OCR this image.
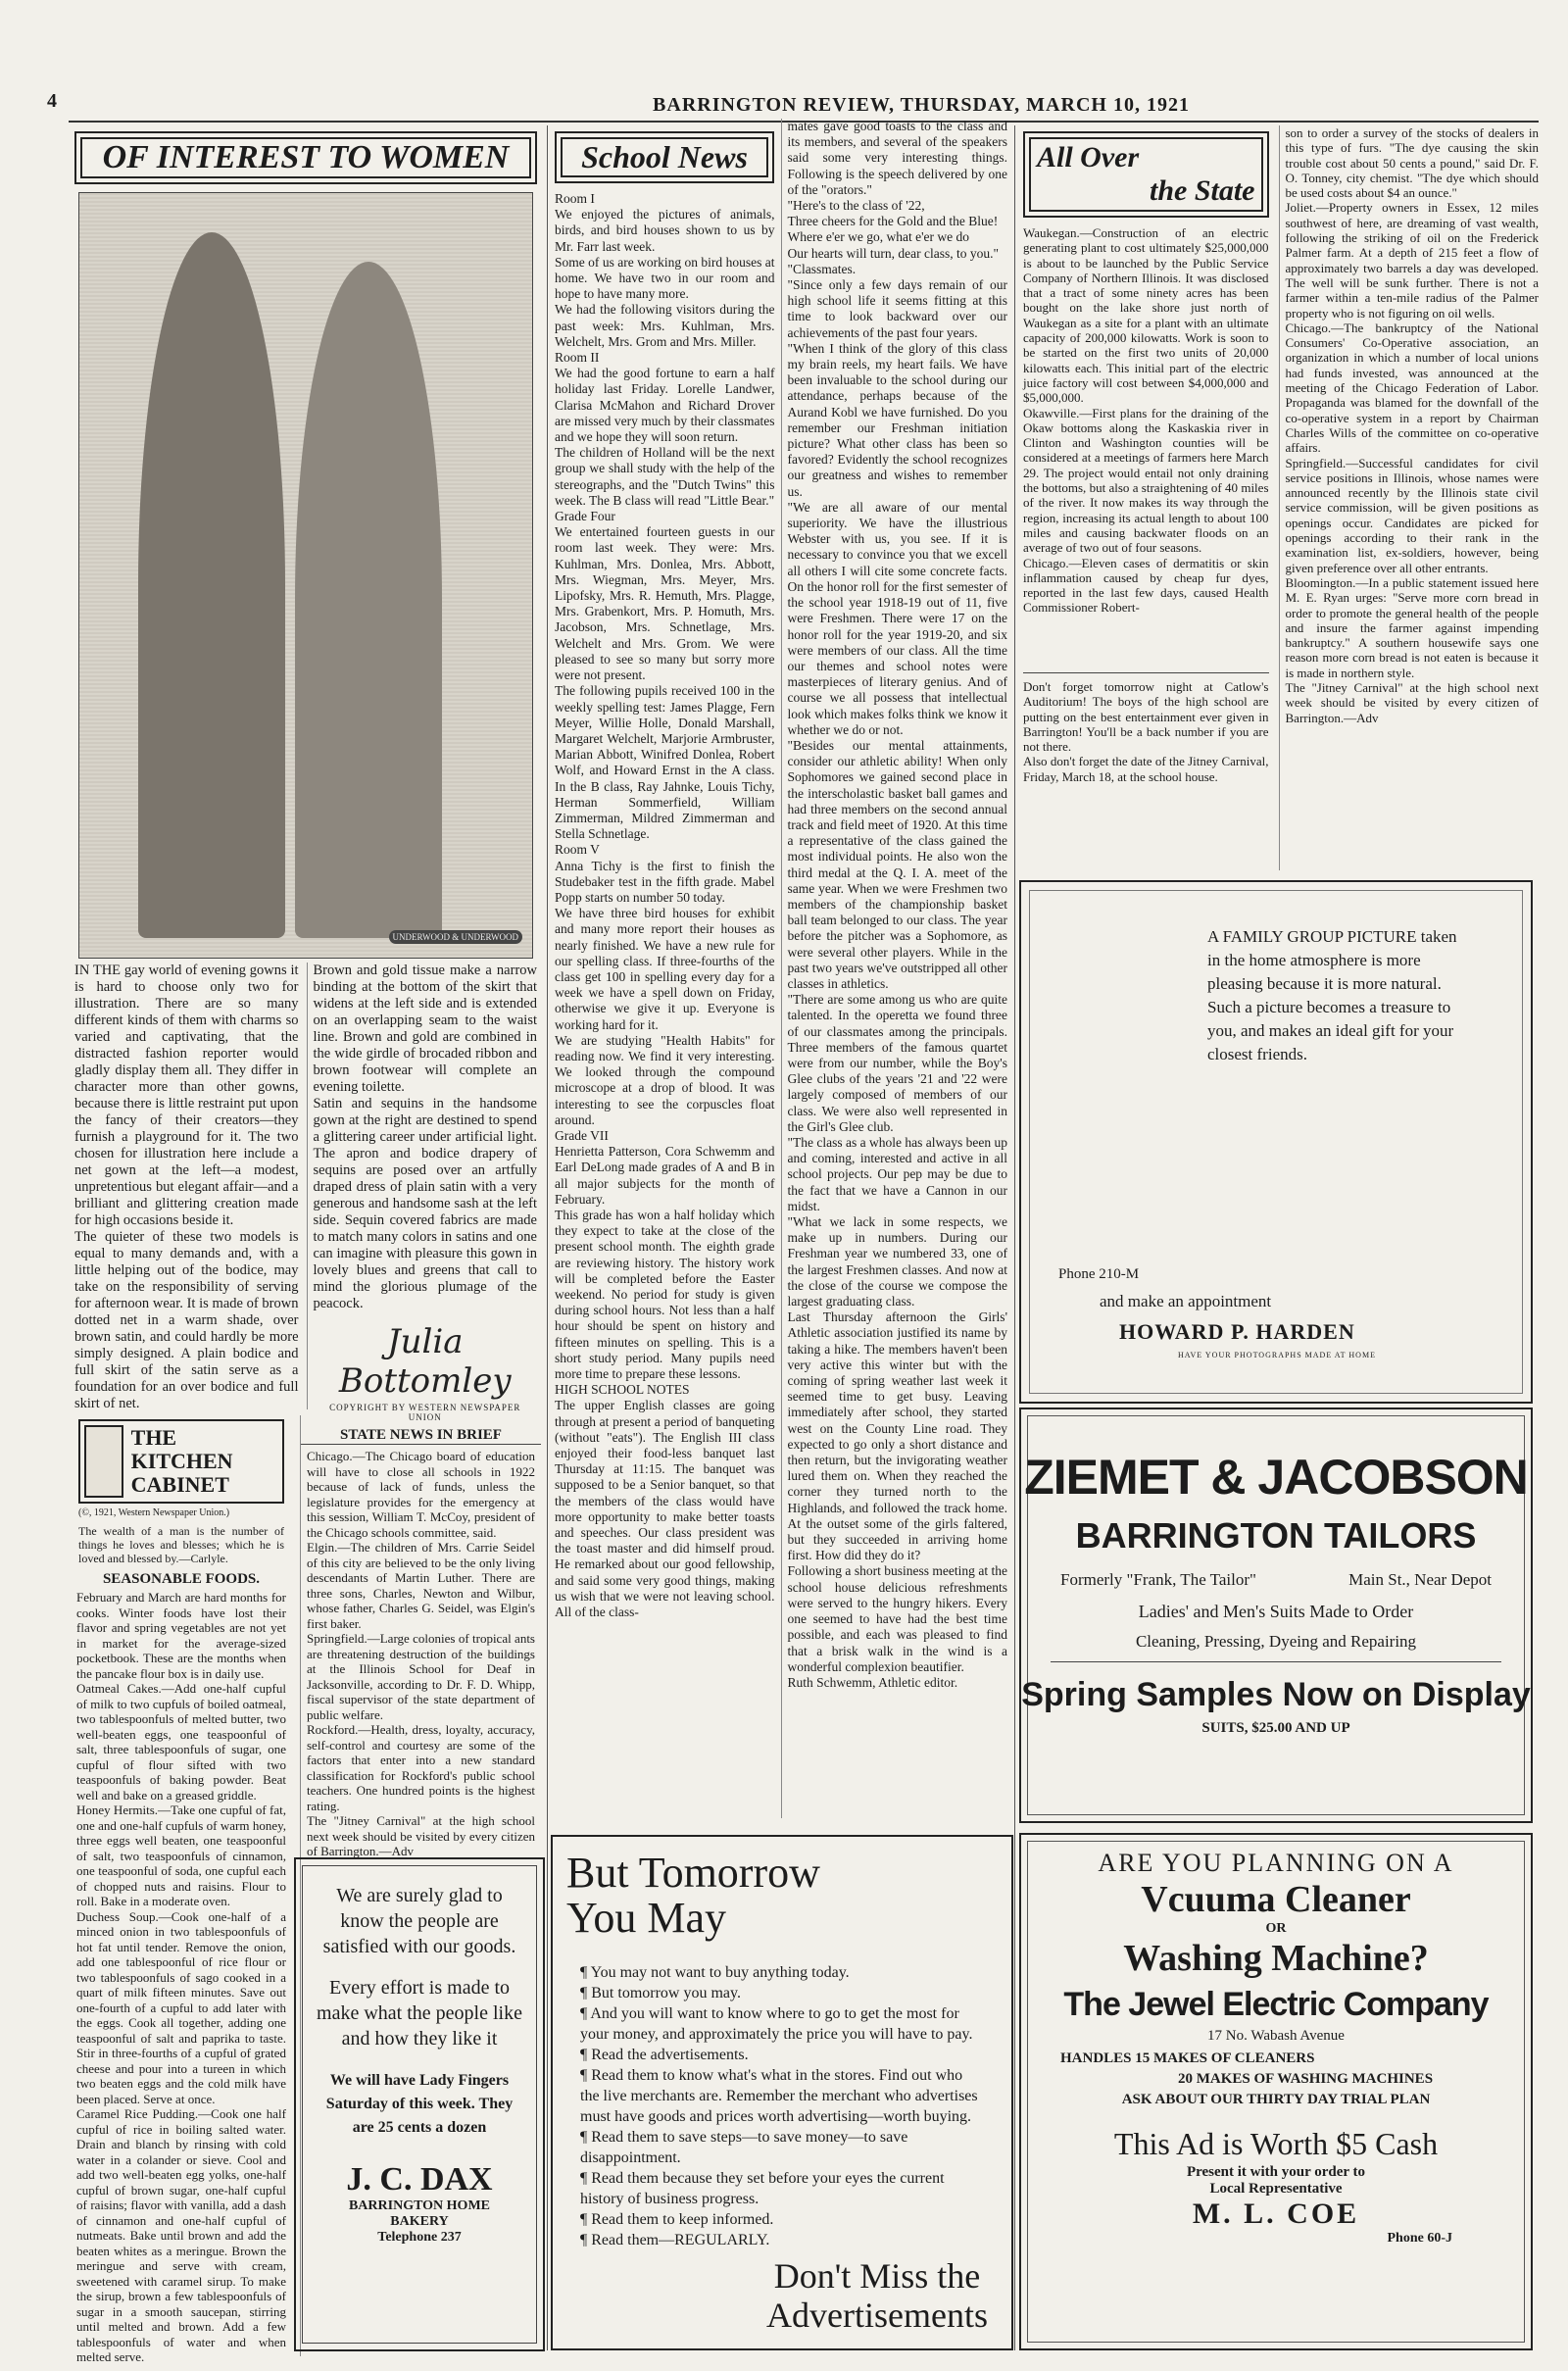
4	BARRINGTON REVIEW, THURSDAY, MARCH 10, 1921
OF INTEREST TO WOMEN
UNDERWOOD & UNDERWOOD
IN THE gay world of evening gowns it is hard to choose only two for illustration. There are so many different kinds of them with charms so varied and captivating, that the distracted fashion reporter would gladly display them all. They differ in character more than other gowns, because there is little restraint put upon the fancy of their creators—they furnish a playground for it. The two chosen for illustration here include a net gown at the left—a modest, unpretentious but elegant affair—and a brilliant and glittering creation made for high occasions beside it.
The quieter of these two models is equal to many demands and, with a little helping out of the bodice, may take on the responsibility of serving for afternoon wear. It is made of brown dotted net in a warm shade, over brown satin, and could hardly be more simply designed. A plain bodice and full skirt of the satin serve as a foundation for an over bodice and full skirt of net.
Brown and gold tissue make a narrow binding at the bottom of the skirt that widens at the left side and is extended on an overlapping seam to the waist line. Brown and gold are combined in the wide girdle of brocaded ribbon and brown footwear will complete an evening toilette.
Satin and sequins in the handsome gown at the right are destined to spend a glittering career under artificial light. The apron and bodice drapery of sequins are posed over an artfully draped dress of plain satin with a very generous and handsome sash at the left side. Sequin covered fabrics are made to match many colors in satins and one can imagine with pleasure this gown in lovely blues and greens that call to mind the glorious plumage of the peacock.
Julia Bottomley
COPYRIGHT BY WESTERN NEWSPAPER UNION
THE KITCHEN CABINET
(©, 1921, Western Newspaper Union.)
The wealth of a man is the number of things he loves and blesses; which he is loved and blessed by.—Carlyle.
SEASONABLE FOODS.
February and March are hard months for cooks. Winter foods have lost their flavor and spring vegetables are not yet in market for the average-sized pocketbook. These are the months when the pancake flour box is in daily use.
Oatmeal Cakes.—Add one-half cupful of milk to two cupfuls of boiled oatmeal, two tablespoonfuls of melted butter, two well-beaten eggs, one teaspoonful of salt, three tablespoonfuls of sugar, one cupful of flour sifted with two teaspoonfuls of baking powder. Beat well and bake on a greased griddle.
Honey Hermits.—Take one cupful of fat, one and one-half cupfuls of warm honey, three eggs well beaten, one teaspoonful of salt, two teaspoonfuls of cinnamon, one teaspoonful of soda, one cupful each of chopped nuts and raisins. Flour to roll. Bake in a moderate oven.
Duchess Soup.—Cook one-half of a minced onion in two tablespoonfuls of hot fat until tender. Remove the onion, add one tablespoonful of rice flour or two tablespoonfuls of sago cooked in a quart of milk fifteen minutes. Save out one-fourth of a cupful to add later with the eggs. Cook all together, adding one teaspoonful of salt and paprika to taste. Stir in three-fourths of a cupful of grated cheese and pour into a tureen in which two beaten eggs and the cold milk have been placed. Serve at once.
Caramel Rice Pudding.—Cook one half cupful of rice in boiling salted water. Drain and blanch by rinsing with cold water in a colander or sieve. Cool and add two well-beaten egg yolks, one-half cupful of brown sugar, one-half cupful of raisins; flavor with vanilla, add a dash of cinnamon and one-half cupful of nutmeats. Bake until brown and add the beaten whites as a meringue. Brown the meringue and serve with cream, sweetened with caramel sirup. To make the sirup, brown a few tablespoonfuls of sugar in a smooth saucepan, stirring until melted and brown. Add a few tablespoonfuls of water and when melted serve.
STATE NEWS IN BRIEF
Chicago.—The Chicago board of education will have to close all schools in 1922 because of lack of funds, unless the legislature provides for the emergency at this session, William T. McCoy, president of the Chicago schools committee, said.
Elgin.—The children of Mrs. Carrie Seidel of this city are believed to be the only living descendants of Martin Luther. There are three sons, Charles, Newton and Wilbur, whose father, Charles G. Seidel, was Elgin's first baker.
Springfield.—Large colonies of tropical ants are threatening destruction of the buildings at the Illinois School for Deaf in Jacksonville, according to Dr. F. D. Whipp, fiscal supervisor of the state department of public welfare.
Rockford.—Health, dress, loyalty, accuracy, self-control and courtesy are some of the factors that enter into a new standard classification for Rockford's public school teachers. One hundred points is the highest rating.
The "Jitney Carnival" at the high school next week should be visited by every citizen of Barrington.—Adv
We are surely glad to know the people are satisfied with our goods.
Every effort is made to make what the people like and how they like it
We will have Lady Fingers Saturday of this week. They are 25 cents a dozen
J. C. DAX
BARRINGTON HOME
BAKERY
Telephone 237
School News
Room I
We enjoyed the pictures of animals, birds, and bird houses shown to us by Mr. Farr last week.
Some of us are working on bird houses at home. We have two in our room and hope to have many more.
We had the following visitors during the past week: Mrs. Kuhlman, Mrs. Welchelt, Mrs. Grom and Mrs. Miller.
Room II
We had the good fortune to earn a half holiday last Friday. Lorelle Landwer, Clarisa McMahon and Richard Drover are missed very much by their classmates and we hope they will soon return.
The children of Holland will be the next group we shall study with the help of the stereographs, and the "Dutch Twins" this week. The B class will read "Little Bear."
Grade Four
We entertained fourteen guests in our room last week. They were: Mrs. Kuhlman, Mrs. Donlea, Mrs. Abbott, Mrs. Wiegman, Mrs. Meyer, Mrs. Lipofsky, Mrs. R. Hemuth, Mrs. Plagge, Mrs. Grabenkort, Mrs. P. Homuth, Mrs. Jacobson, Mrs. Schnetlage, Mrs. Welchelt and Mrs. Grom. We were pleased to see so many but sorry more were not present.
The following pupils received 100 in the weekly spelling test: James Plagge, Fern Meyer, Willie Holle, Donald Marshall, Margaret Welchelt, Marjorie Armbruster, Marian Abbott, Winifred Donlea, Robert Wolf, and Howard Ernst in the A class. In the B class, Ray Jahnke, Louis Tichy, Herman Sommerfield, William Zimmerman, Mildred Zimmerman and Stella Schnetlage.
Room V
Anna Tichy is the first to finish the Studebaker test in the fifth grade. Mabel Popp starts on number 50 today.
We have three bird houses for exhibit and many more report their houses as nearly finished. We have a new rule for our spelling class. If three-fourths of the class get 100 in spelling every day for a week we have a spell down on Friday, otherwise we give it up. Everyone is working hard for it.
We are studying "Health Habits" for reading now. We find it very interesting. We looked through the compound microscope at a drop of blood. It was interesting to see the corpuscles float around.
Grade VII
Henrietta Patterson, Cora Schwemm and Earl DeLong made grades of A and B in all major subjects for the month of February.
This grade has won a half holiday which they expect to take at the close of the present school month. The eighth grade are reviewing history. The history work will be completed before the Easter weekend. No period for study is given during school hours. Not less than a half hour should be spent on history and fifteen minutes on spelling. This is a short study period. Many pupils need more time to prepare these lessons.
HIGH SCHOOL NOTES
The upper English classes are going through at present a period of banqueting (without "eats"). The English III class enjoyed their food-less banquet last Thursday at 11:15. The banquet was supposed to be a Senior banquet, so that the members of the class would have more opportunity to make better toasts and speeches. Our class president was the toast master and did himself proud. He remarked about our good fellowship, and said some very good things, making us wish that we were not leaving school. All of the class-
mates gave good toasts to the class and its members, and several of the speakers said some very interesting things. Following is the speech delivered by one of the "orators."
"Here's to the class of '22,
Three cheers for the Gold and the Blue!
Where e'er we go, what e'er we do
Our hearts will turn, dear class, to you."
"Classmates.
"Since only a few days remain of our high school life it seems fitting at this time to look backward over our achievements of the past four years.
"When I think of the glory of this class my brain reels, my heart fails. We have been invaluable to the school during our attendance, perhaps because of the Aurand Kobl we have furnished. Do you remember our Freshman initiation picture? What other class has been so favored? Evidently the school recognizes our greatness and wishes to remember us.
"We are all aware of our mental superiority. We have the illustrious Webster with us, you see. If it is necessary to convince you that we excell all others I will cite some concrete facts. On the honor roll for the first semester of the school year 1918-19 out of 11, five were Freshmen. There were 17 on the honor roll for the year 1919-20, and six were members of our class. All the time our themes and school notes were masterpieces of literary genius. And of course we all possess that intellectual look which makes folks think we know it whether we do or not.
"Besides our mental attainments, consider our athletic ability! When only Sophomores we gained second place in the interscholastic basket ball games and had three members on the second annual track and field meet of 1920. At this time a representative of the class gained the most individual points. He also won the third medal at the Q. I. A. meet of the same year. When we were Freshmen two members of the championship basket ball team belonged to our class. The year before the pitcher was a Sophomore, as were several other players. While in the past two years we've outstripped all other classes in athletics.
"There are some among us who are quite talented. In the operetta we found three of our classmates among the principals. Three members of the famous quartet were from our number, while the Boy's Glee clubs of the years '21 and '22 were largely composed of members of our class. We were also well represented in the Girl's Glee club.
"The class as a whole has always been up and coming, interested and active in all school projects. Our pep may be due to the fact that we have a Cannon in our midst.
"What we lack in some respects, we make up in numbers. During our Freshman year we numbered 33, one of the largest Freshmen classes. And now at the close of the course we compose the largest graduating class.
Last Thursday afternoon the Girls' Athletic association justified its name by taking a hike. The members haven't been very active this winter but with the coming of spring weather last week it seemed time to get busy. Leaving immediately after school, they started west on the County Line road. They expected to go only a short distance and then return, but the invigorating weather lured them on. When they reached the corner they turned north to the Highlands, and followed the track home. At the outset some of the girls faltered, but they succeeded in arriving home first. How did they do it?
Following a short business meeting at the school house delicious refreshments were served to the hungry hikers. Every one seemed to have had the best time possible, and each was pleased to find that a brisk walk in the wind is a wonderful complexion beautifier.
Ruth Schwemm, Athletic editor.
But Tomorrow
You May
¶ You may not want to buy anything today.
¶ But tomorrow you may.
¶ And you will want to know where to go to get the most for your money, and approximately the price you will have to pay.
¶ Read the advertisements.
¶ Read them to know what's what in the stores. Find out who the live merchants are. Remember the merchant who advertises must have goods and prices worth advertising—worth buying.
¶ Read them to save steps—to save money—to save disappointment.
¶ Read them because they set before your eyes the current history of business progress.
¶ Read them to keep informed.
¶ Read them—REGULARLY.
Don't Miss the
Advertisements
All Over
the State
Waukegan.—Construction of an electric generating plant to cost ultimately $25,000,000 is about to be launched by the Public Service Company of Northern Illinois. It was disclosed that a tract of some ninety acres has been bought on the lake shore just north of Waukegan as a site for a plant with an ultimate capacity of 200,000 kilowatts. Work is soon to be started on the first two units of 20,000 kilowatts each. This initial part of the electric juice factory will cost between $4,000,000 and $5,000,000.
Okawville.—First plans for the draining of the Okaw bottoms along the Kaskaskia river in Clinton and Washington counties will be considered at a meetings of farmers here March 29. The project would entail not only draining the bottoms, but also a straightening of 40 miles of the river. It now makes its way through the region, increasing its actual length to about 100 miles and causing backwater floods on an average of two out of four seasons.
Chicago.—Eleven cases of dermatitis or skin inflammation caused by cheap fur dyes, reported in the last few days, caused Health Commissioner Robert-
Don't forget tomorrow night at Catlow's Auditorium! The boys of the high school are putting on the best entertainment ever given in Barrington! You'll be a back number if you are not there.
Also don't forget the date of the Jitney Carnival, Friday, March 18, at the school house.
son to order a survey of the stocks of dealers in this type of furs. "The dye causing the skin trouble cost about 50 cents a pound," said Dr. F. O. Tonney, city chemist. "The dye which should be used costs about $4 an ounce."
Joliet.—Property owners in Essex, 12 miles southwest of here, are dreaming of vast wealth, following the striking of oil on the Frederick Palmer farm. At a depth of 215 feet a flow of approximately two barrels a day was developed. The well will be sunk further. There is not a farmer within a ten-mile radius of the Palmer property who is not figuring on oil wells.
Chicago.—The bankruptcy of the National Consumers' Co-Operative association, an organization in which a number of local unions had funds invested, was announced at the meeting of the Chicago Federation of Labor. Propaganda was blamed for the downfall of the co-operative system in a report by Chairman Charles Wills of the committee on co-operative affairs.
Springfield.—Successful candidates for civil service positions in Illinois, whose names were announced recently by the Illinois state civil service commission, will be given positions as openings occur. Candidates are picked for openings according to their rank in the examination list, ex-soldiers, however, being given preference over all other entrants.
Bloomington.—In a public statement issued here M. E. Ryan urges: "Serve more corn bread in order to promote the general health of the people and insure the farmer against impending bankruptcy." A southern housewife says one reason more corn bread is not eaten is because it is made in northern style.
The "Jitney Carnival" at the high school next week should be visited by every citizen of Barrington.—Adv
A FAMILY GROUP PICTURE taken in the home atmosphere is more pleasing because it is more natural. Such a picture becomes a treasure to you, and makes an ideal gift for your closest friends.
Phone 210-M
and make an appointment
HOWARD P. HARDEN
HAVE YOUR PHOTOGRAPHS MADE AT HOME
ZIEMET & JACOBSON
BARRINGTON TAILORS
Formerly "Frank, The Tailor"	Main St., Near Depot
Ladies' and Men's Suits Made to Order
Cleaning, Pressing, Dyeing and Repairing
Spring Samples Now on Display
SUITS, $25.00 AND UP
ARE YOU PLANNING ON A
Vcuuma Cleaner
OR
Washing Machine?
The Jewel Electric Company
17 No. Wabash Avenue
HANDLES 15 MAKES OF CLEANERS
20 MAKES OF WASHING MACHINES
ASK ABOUT OUR THIRTY DAY TRIAL PLAN
This Ad is Worth $5 Cash
Present it with your order to
Local Representative
M. L. COE
Phone 60-J
